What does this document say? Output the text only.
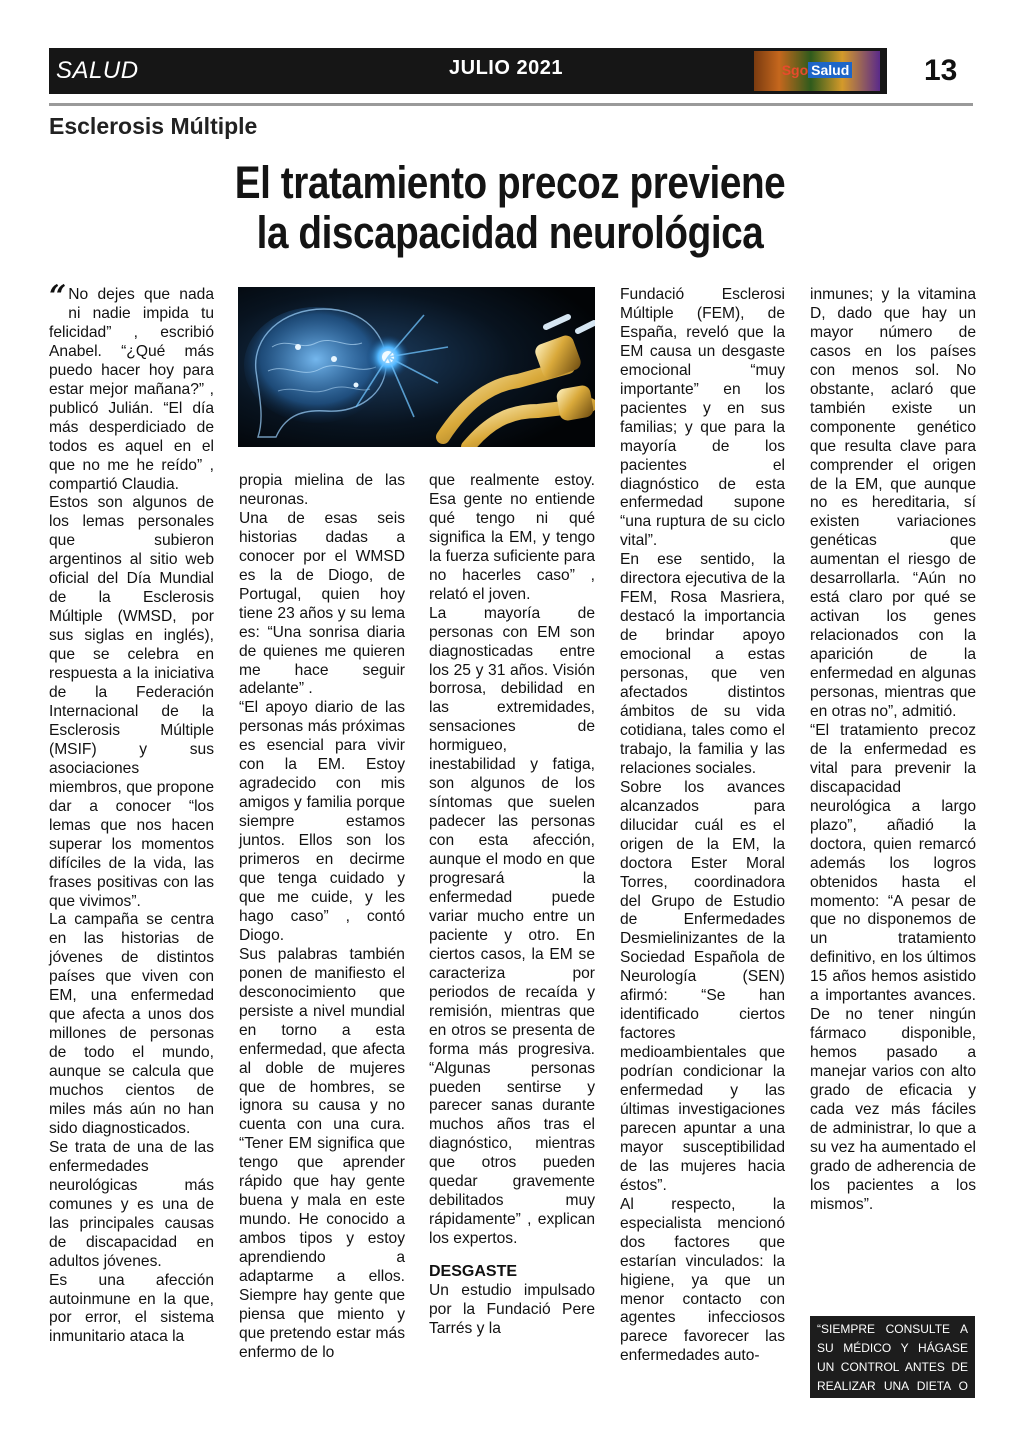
SALUD	JULIO 2021	Sgo Salud	13
Esclerosis Múltiple
El tratamiento precoz previene
la discapacidad neurológica

“ No dejes que nada ni nadie impida tu felicidad” , escribió Anabel. “¿Qué más puedo hacer hoy para estar mejor mañana?” , publicó Julián. “El día más desperdiciado de todos es aquel en el que no me he reído” , compartió Claudia.

Estos son algunos de los lemas personales que subieron argentinos al sitio web oficial del Día Mundial de la Esclerosis Múltiple (WMSD, por sus siglas en inglés), que se celebra en respuesta a la iniciativa de la Federación Internacional de la Esclerosis Múltiple (MSIF) y sus asociaciones miembros, que propone dar a conocer “los lemas que nos hacen superar los momentos difíciles de la vida, las frases positivas con las que vivimos”.

La campaña se centra en las historias de jóvenes de distintos países que viven con EM, una enfermedad que afecta a unos dos millones de personas de todo el mundo, aunque se calcula que muchos cientos de miles más aún no han sido diagnosticados.

Se trata de una de las enfermedades neurológicas más comunes y es una de las principales causas de discapacidad en adultos jóvenes.

Es una afección autoinmune en la que, por error, el sistema inmunitario ataca la

propia mielina de las neuronas.

Una de esas seis historias dadas a conocer por el WMSD es la de Diogo, de Portugal, quien hoy tiene 23 años y su lema es: “Una sonrisa diaria de quienes me quieren me hace seguir adelante” .

“El apoyo diario de las personas más próximas es esencial para vivir con la EM. Estoy agradecido con mis amigos y familia porque siempre estamos juntos. Ellos son los primeros en decirme que tenga cuidado y que me cuide, y les hago caso” , contó Diogo.

Sus palabras también ponen de manifiesto el desconocimiento que persiste a nivel mundial en torno a esta enfermedad, que afecta al doble de mujeres que de hombres, se ignora su causa y no cuenta con una cura. “Tener EM significa que tengo que aprender rápido que hay gente buena y mala en este mundo. He conocido a ambos tipos y estoy aprendiendo a adaptarme a ellos. Siempre hay gente que piensa que miento y que pretendo estar más enfermo de lo

que realmente estoy. Esa gente no entiende qué tengo ni qué significa la EM, y tengo la fuerza suficiente para no hacerles caso” , relató el joven.

La mayoría de personas con EM son diagnosticadas entre los 25 y 31 años. Visión borrosa, debilidad en las extremidades, sensaciones de hormigueo, inestabilidad y fatiga, son algunos de los síntomas que suelen padecer las personas con esta afección, aunque el modo en que progresará la enfermedad puede variar mucho entre un paciente y otro. En ciertos casos, la EM se caracteriza por periodos de recaída y remisión, mientras que en otros se presenta de forma más progresiva. “Algunas personas pueden sentirse y parecer sanas durante muchos años tras el diagnóstico, mientras que otros pueden quedar gravemente debilitados muy rápidamente” , explican los expertos.

DESGASTE

Un estudio impulsado por la Fundació Pere Tarrés y la

Fundació Esclerosi Múltiple (FEM), de España, reveló que la EM causa un desgaste emocional “muy importante” en los pacientes y en sus familias; y que para la mayoría de los pacientes el diagnóstico de esta enfermedad supone “una ruptura de su ciclo vital”.

En ese sentido, la directora ejecutiva de la FEM, Rosa Masriera, destacó la importancia de brindar apoyo emocional a estas personas, que ven afectados distintos ámbitos de su vida cotidiana, tales como el trabajo, la familia y las relaciones sociales.

Sobre los avances alcanzados para dilucidar cuál es el origen de la EM, la doctora Ester Moral Torres, coordinadora del Grupo de Estudio de Enfermedades Desmielinizantes de la Sociedad Española de Neurología (SEN) afirmó: “Se han identificado ciertos factores medioambientales que podrían condicionar la enfermedad y las últimas investigaciones parecen apuntar a una mayor susceptibilidad de las mujeres hacia éstos”.

Al respecto, la especialista mencionó dos factores que estarían vinculados: la higiene, ya que un menor contacto con agentes infecciosos parece favorecer las enfermedades auto-

inmunes; y la vitamina D, dado que hay un mayor número de casos en los países con menos sol. No obstante, aclaró que también existe un componente genético que resulta clave para comprender el origen de la EM, que aunque no es hereditaria, sí existen variaciones genéticas que aumentan el riesgo de desarrollarla. “Aún no está claro por qué se activan los genes relacionados con la aparición de la enfermedad en algunas personas, mientras que en otras no”, admitió.

“El tratamiento precoz de la enfermedad es vital para prevenir la discapacidad neurológica a largo plazo”, añadió la doctora, quien remarcó además los logros obtenidos hasta el momento: “A pesar de que no disponemos de un tratamiento definitivo, en los últimos 15 años hemos asistido a importantes avances. De no tener ningún fármaco disponible, hemos pasado a manejar varios con alto grado de eficacia y cada vez más fáciles de administrar, lo que a su vez ha aumentado el grado de adherencia de los pacientes a los mismos”.

“SIEMPRE CONSULTE A SU MÉDICO Y HÁGASE UN CONTROL ANTES DE REALIZAR UNA DIETA O ACTIVADAD FÍSICA”
